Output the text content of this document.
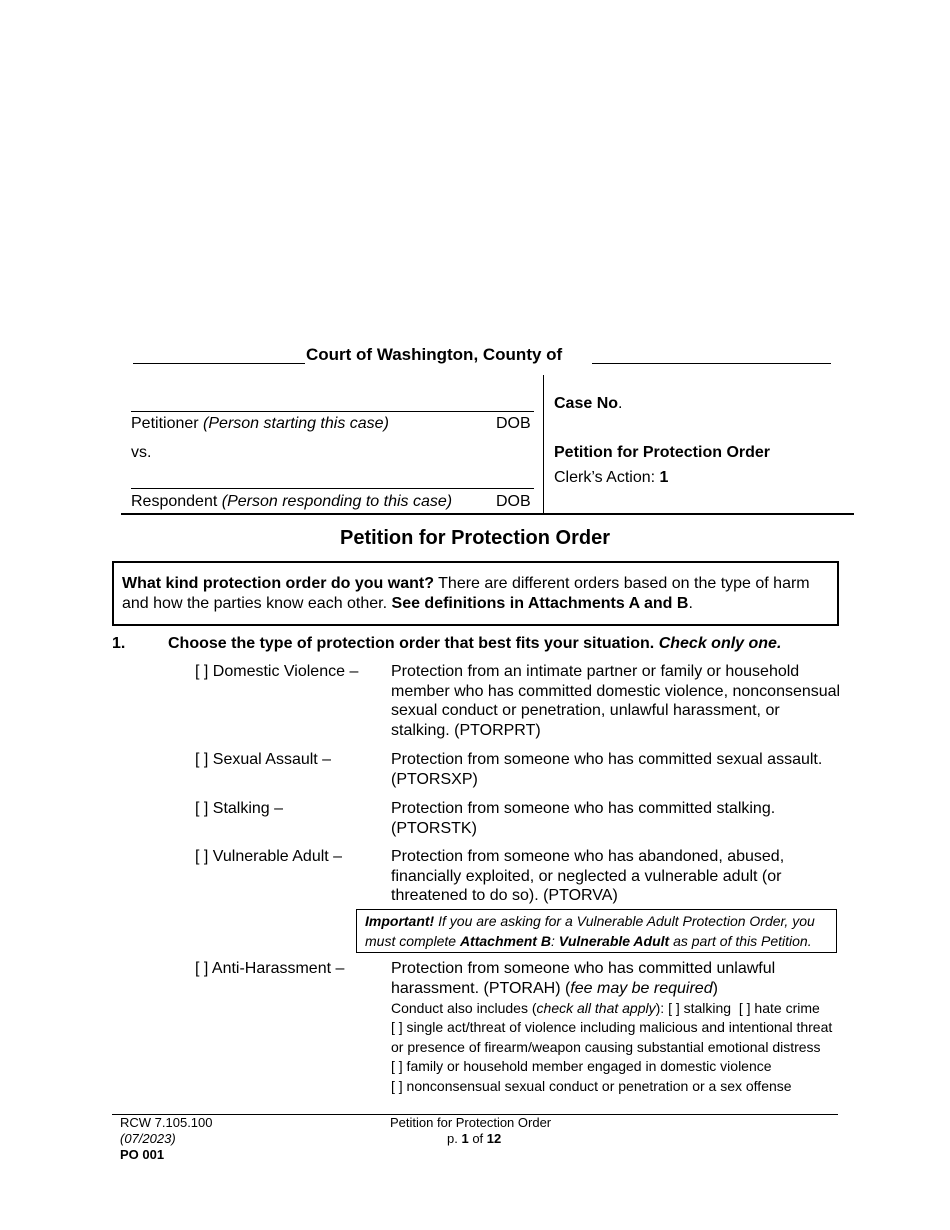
Court of Washington, County of
Petitioner (Person starting this case)	DOB
vs.
Respondent (Person responding to this case)	DOB
Case No.
Petition for Protection Order
Clerk’s Action: 1
Petition for Protection Order
What kind protection order do you want? There are different orders based on the type of harm and how the parties know each other. See definitions in Attachments A and B.
1.	Choose the type of protection order that best fits your situation. Check only one.
[ ] Domestic Violence – Protection from an intimate partner or family or household member who has committed domestic violence, nonconsensual sexual conduct or penetration, unlawful harassment, or stalking. (PTORPRT)
[ ] Sexual Assault –	Protection from someone who has committed sexual assault. (PTORSXP)
[ ] Stalking –	Protection from someone who has committed stalking. (PTORSTK)
[ ] Vulnerable Adult –	Protection from someone who has abandoned, abused, financially exploited, or neglected a vulnerable adult (or threatened to do so). (PTORVA)
Important! If you are asking for a Vulnerable Adult Protection Order, you must complete Attachment B: Vulnerable Adult as part of this Petition.
[ ] Anti-Harassment –	Protection from someone who has committed unlawful harassment. (PTORAH) (fee may be required)
Conduct also includes (check all that apply): [ ] stalking [ ] hate crime
[ ] single act/threat of violence including malicious and intentional threat or presence of firearm/weapon causing substantial emotional distress
[ ] family or household member engaged in domestic violence
[ ] nonconsensual sexual conduct or penetration or a sex offense
RCW 7.105.100
(07/2023)
PO 001
Petition for Protection Order
p. 1 of 12
